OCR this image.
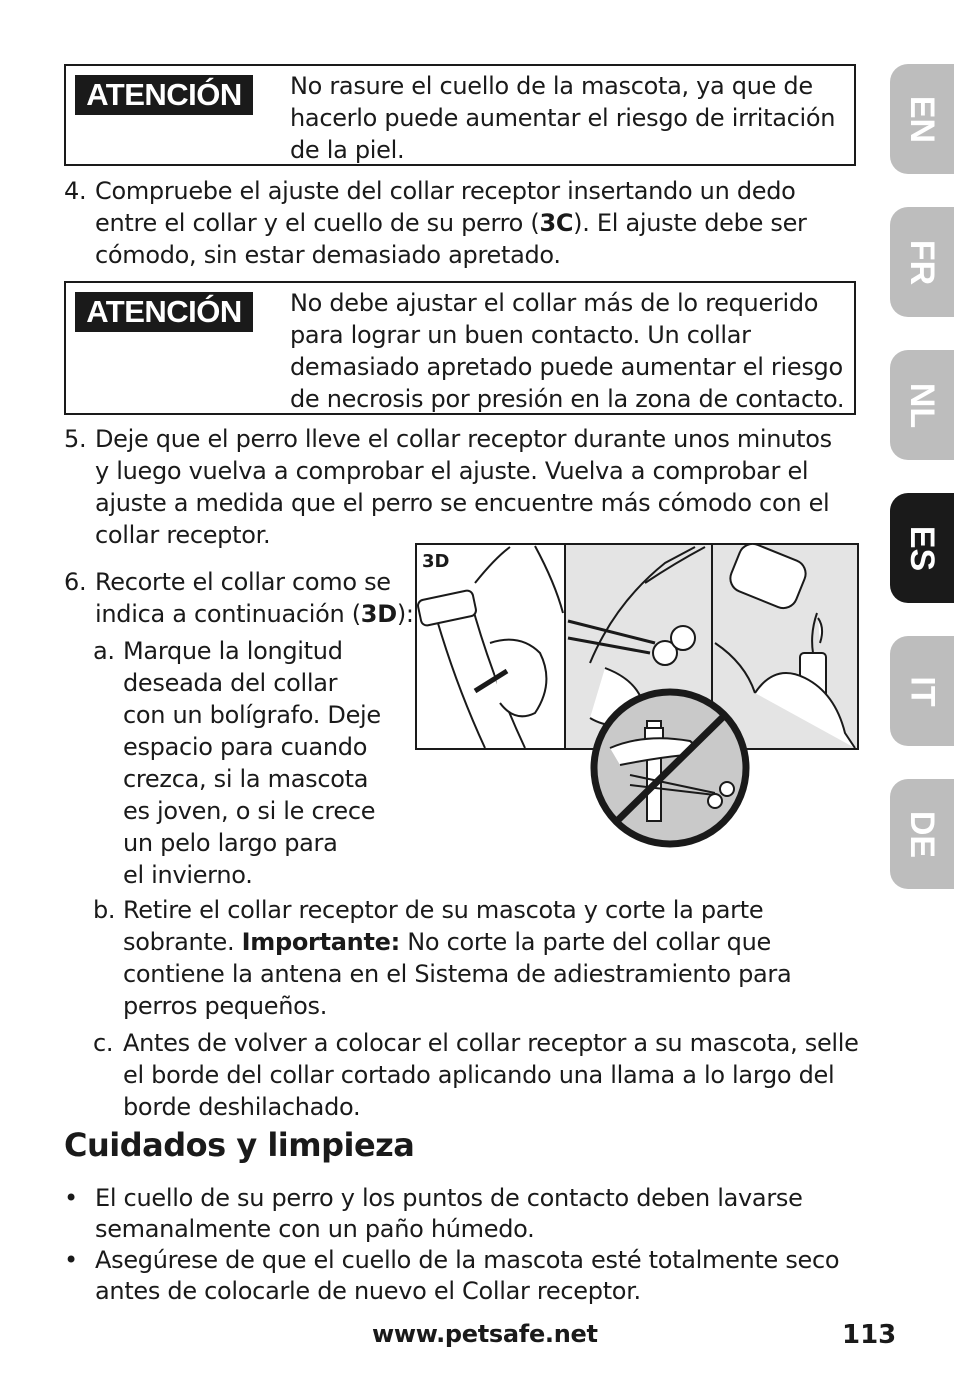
ATENCIÓN	No rasure el cuello de la mascota, ya que de
hacerlo puede aumentar el riesgo de irritación
de la piel.
4. Compruebe el ajuste del collar receptor insertando un dedo
entre el collar y el cuello de su perro (3C). El ajuste debe ser
cómodo, sin estar demasiado apretado.
ATENCIÓN	No debe ajustar el collar más de lo requerido
para lograr un buen contacto. Un collar
demasiado apretado puede aumentar el riesgo
de necrosis por presión en la zona de contacto.
5. Deje que el perro lleve el collar receptor durante unos minutos
y luego vuelva a comprobar el ajuste. Vuelva a comprobar el
ajuste a medida que el perro se encuentre más cómodo con el
collar receptor.
6. Recorte el collar como se
indica a continuación (3D):
a. Marque la longitud
deseada del collar
con un bolígrafo. Deje
espacio para cuando
crezca, si la mascota
es joven, o si le crece
un pelo largo para
el invierno.
3D
b. Retire el collar receptor de su mascota y corte la parte
sobrante. Importante: No corte la parte del collar que
contiene la antena en el Sistema de adiestramiento para
perros pequeños.
c. Antes de volver a colocar el collar receptor a su mascota, selle
el borde del collar cortado aplicando una llama a lo largo del
borde deshilachado.
Cuidados y limpieza
• El cuello de su perro y los puntos de contacto deben lavarse
semanalmente con un paño húmedo.
• Asegúrese de que el cuello de la mascota esté totalmente seco
antes de colocarle de nuevo el Collar receptor.
www.petsafe.net	113
EN
FR
NL
ES
IT
DE
